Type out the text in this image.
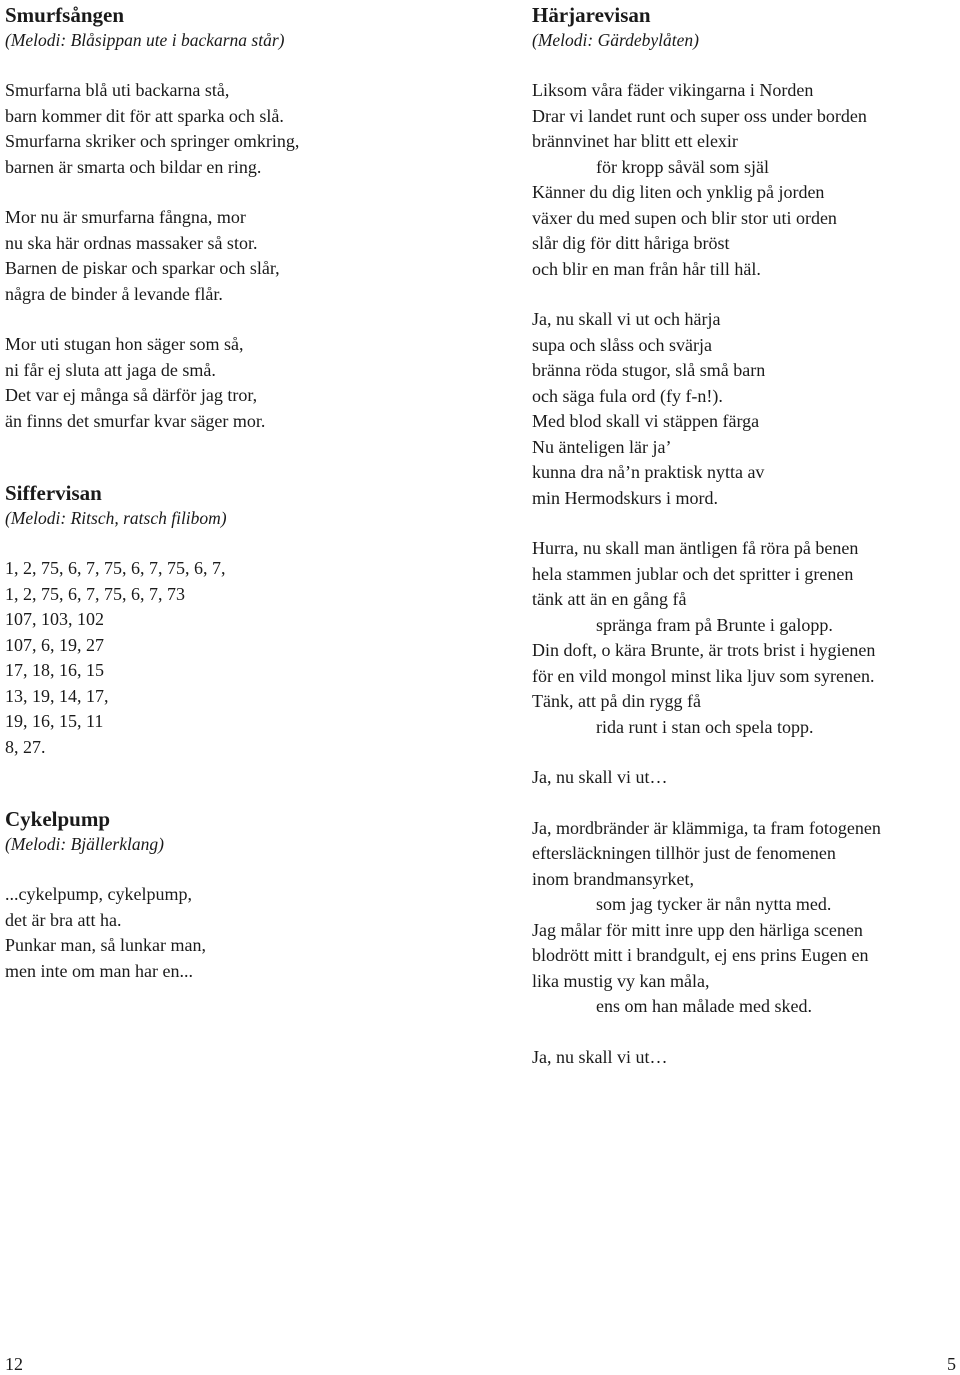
Smurfsången
(Melodi: Blåsippan ute i backarna står)
Smurfarna blå uti backarna stå,
barn kommer dit för att sparka och slå.
Smurfarna skriker och springer omkring,
barnen är smarta och bildar en ring.
Mor nu är smurfarna fångna, mor
nu ska här ordnas massaker så stor.
Barnen de piskar och sparkar och slår,
några de binder å levande flår.
Mor uti stugan hon säger som så,
ni får ej sluta att jaga de små.
Det var ej många så därför jag tror,
än finns det smurfar kvar säger mor.
Siffervisan
(Melodi: Ritsch, ratsch filibom)
1, 2, 75, 6, 7, 75, 6, 7, 75, 6, 7,
1, 2, 75, 6, 7, 75, 6, 7, 73
107, 103, 102
107, 6, 19, 27
17, 18, 16, 15
13, 19, 14, 17,
19, 16, 15, 11
8, 27.
Cykelpump
(Melodi: Bjällerklang)
...cykelpump, cykelpump,
det är bra att ha.
Punkar man, så lunkar man,
men inte om man har en...
Härjarevisan
(Melodi: Gärdebylåten)
Liksom våra fäder vikingarna i Norden
Drar vi landet runt och super oss under borden
brännvinet har blitt ett elexir
för kropp såväl som själ
Känner du dig liten och ynklig på jorden
växer du med supen och blir stor uti orden
slår dig för ditt håriga bröst
och blir en man från hår till häl.
Ja, nu skall vi ut och härja
supa och slåss och svärja
bränna röda stugor, slå små barn
och säga fula ord (fy f-n!).
Med blod skall vi stäppen färga
Nu änteligen lär ja’
kunna dra nå’n praktisk nytta av
min Hermodskurs i mord.
Hurra, nu skall man äntligen få röra på benen
hela stammen jublar och det spritter i grenen
tänk att än en gång få
spränga fram på Brunte i galopp.
Din doft, o kära Brunte, är trots brist i hygienen
för en vild mongol minst lika ljuv som syrenen.
Tänk, att på din rygg få
rida runt i stan och spela topp.
Ja, nu skall vi ut…
Ja, mordbränder är klämmiga, ta fram fotogenen
eftersläckningen tillhör just de fenomenen
inom brandmansyrket,
som jag tycker är nån nytta med.
Jag målar för mitt inre upp den härliga scenen
blodrött mitt i brandgult, ej ens prins Eugen en
lika mustig vy kan måla,
ens om han målade med sked.
Ja, nu skall vi ut…
12	5
